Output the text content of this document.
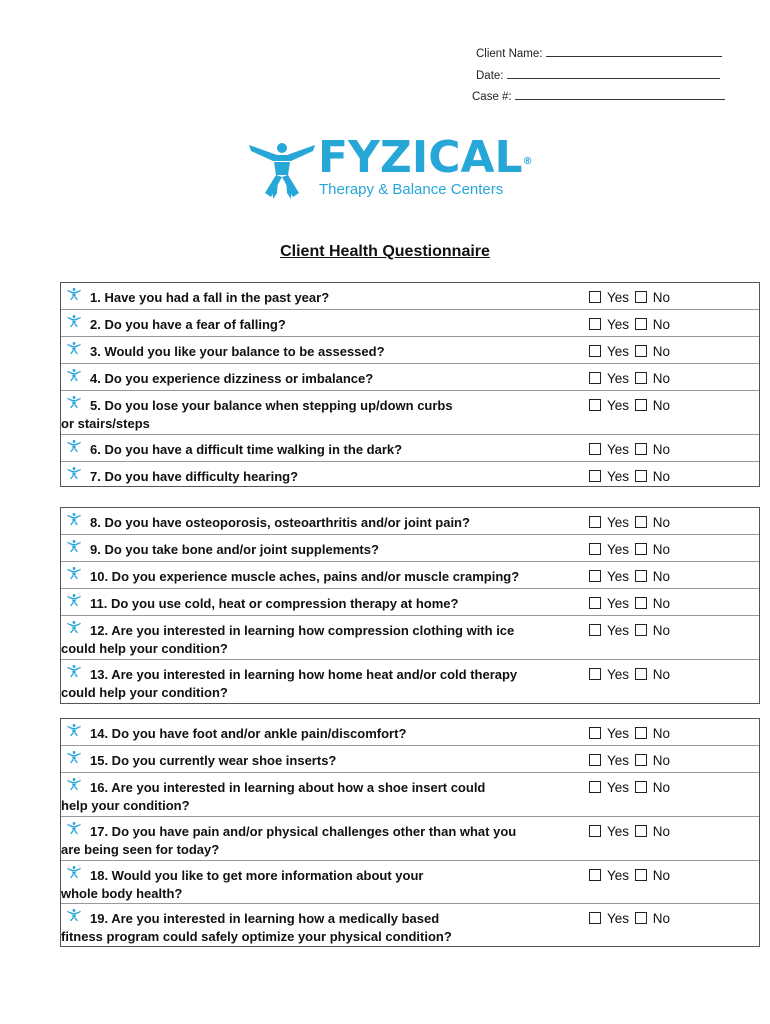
Client Name:
Date:
Case #:
FYZICAL®
Therapy & Balance Centers
Client Health Questionnaire
1. Have you had a fall in the past year?	Yes No
2. Do you have a fear of falling?	Yes No
3. Would you like your balance to be assessed?	Yes No
4. Do you experience dizziness or imbalance?	Yes No
5. Do you lose your balance when stepping up/down curbs
or stairs/steps
Yes No
6. Do you have a difficult time walking in the dark?	Yes No
7. Do you have difficulty hearing?	Yes No
8. Do you have osteoporosis, osteoarthritis and/or joint pain?	Yes No
9. Do you take bone and/or joint supplements?	Yes No
10. Do you experience muscle aches, pains and/or muscle cramping?	Yes No
11. Do you use cold, heat or compression therapy at home?	Yes No
12. Are you interested in learning how compression clothing with ice
could help your condition?
Yes No
13. Are you interested in learning how home heat and/or cold therapy
could help your condition?
Yes No
14. Do you have foot and/or ankle pain/discomfort?	Yes No
15. Do you currently wear shoe inserts?	Yes No
16. Are you interested in learning about how a shoe insert could
help your condition?
Yes No
17. Do you have pain and/or physical challenges other than what you
are being seen for today?
Yes No
18. Would you like to get more information about your
whole body health?
Yes No
19. Are you interested in learning how a medically based
fitness program could safely optimize your physical condition?
Yes No
